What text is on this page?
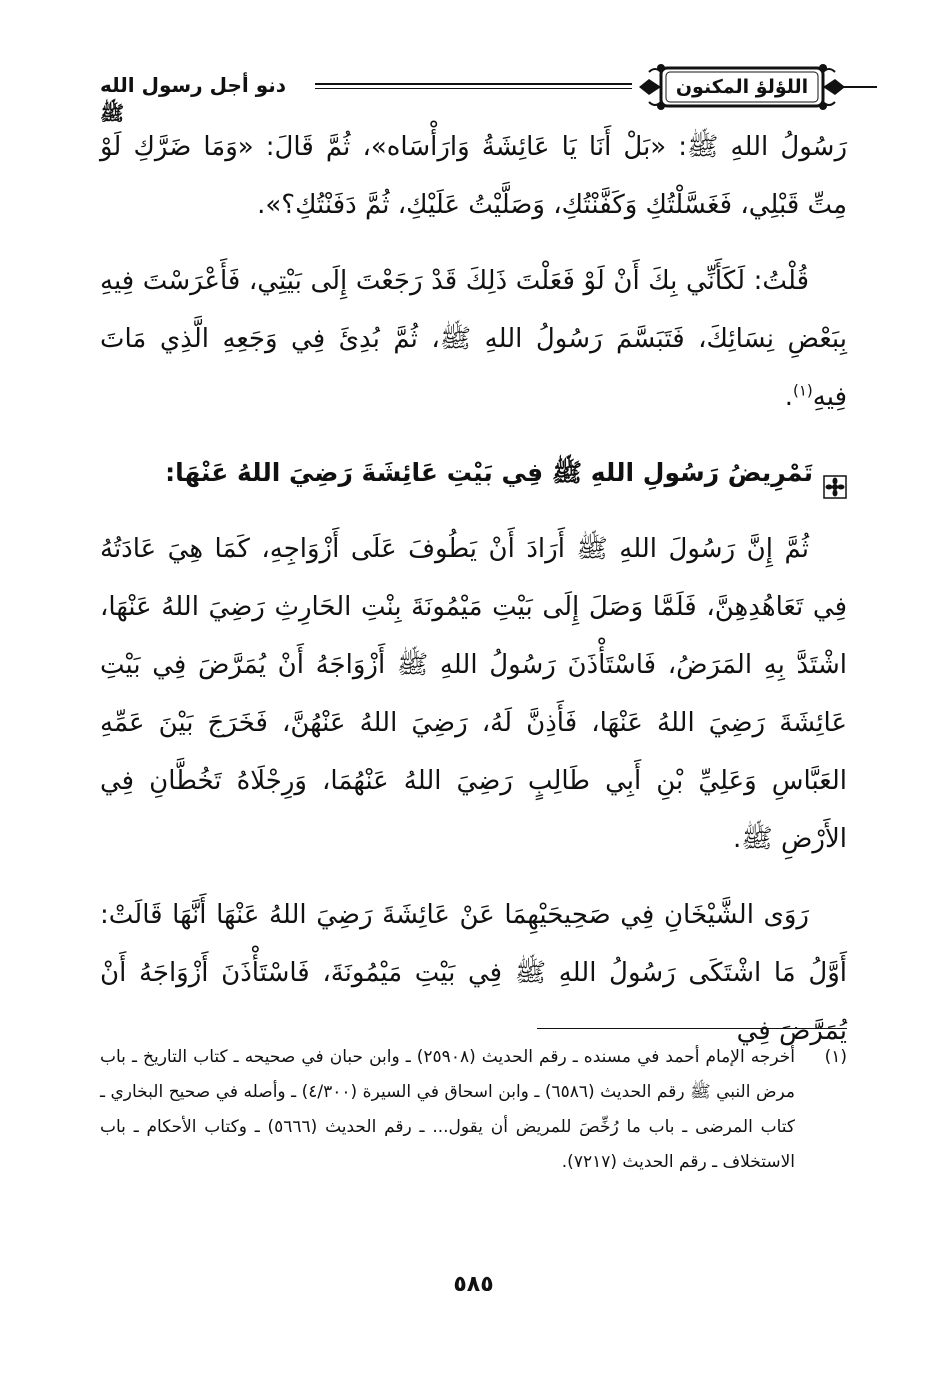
اللؤلؤ المكنون
دنو أجل رسول الله ﷺ

رَسُولُ اللهِ ﷺ: «بَلْ أَنَا يَا عَائِشَةُ وَارَأْسَاه»، ثُمَّ قَالَ: «وَمَا ضَرَّكِ لَوْ مِتِّ قَبْلِي، فَغَسَّلْتُكِ وَكَفَّنْتُكِ، وَصَلَّيْتُ عَلَيْكِ، ثُمَّ دَفَنْتُكِ؟».

قُلْتُ: لَكَأَنِّي بِكَ أَنْ لَوْ فَعَلْتَ ذَلِكَ قَدْ رَجَعْتَ إِلَى بَيْتِي، فَأَعْرَسْتَ فِيهِ بِبَعْضِ نِسَائِكَ، فَتَبَسَّمَ رَسُولُ اللهِ ﷺ، ثُمَّ بُدِئَ فِي وَجَعِهِ الَّذِي مَاتَ فِيهِ$^{(١)}$.

تَمْرِيضُ رَسُولِ اللهِ ﷺ فِي بَيْتِ عَائِشَةَ رَضِيَ اللهُ عَنْهَا:

ثُمَّ إِنَّ رَسُولَ اللهِ ﷺ أَرَادَ أَنْ يَطُوفَ عَلَى أَزْوَاجِهِ، كَمَا هِيَ عَادَتُهُ فِي تَعَاهُدِهِنَّ، فَلَمَّا وَصَلَ إِلَى بَيْتِ مَيْمُونَةَ بِنْتِ الحَارِثِ رَضِيَ اللهُ عَنْهَا، اشْتَدَّ بِهِ المَرَضُ، فَاسْتَأْذَنَ رَسُولُ اللهِ ﷺ أَزْوَاجَهُ أَنْ يُمَرَّضَ فِي بَيْتِ عَائِشَةَ رَضِيَ اللهُ عَنْهَا، فَأَذِنَّ لَهُ، رَضِيَ اللهُ عَنْهُنَّ، فَخَرَجَ بَيْنَ عَمِّهِ العَبَّاسِ وَعَلِيِّ بْنِ أَبِي طَالِبٍ رَضِيَ اللهُ عَنْهُمَا، وَرِجْلَاهُ تَخُطَّانِ فِي الأَرْضِ ﷺ.

رَوَى الشَّيْخَانِ فِي صَحِيحَيْهِمَا عَنْ عَائِشَةَ رَضِيَ اللهُ عَنْهَا أَنَّهَا قَالَتْ: أَوَّلُ مَا اشْتَكَى رَسُولُ اللهِ ﷺ فِي بَيْتِ مَيْمُونَةَ، فَاسْتَأْذَنَ أَزْوَاجَهُ أَنْ يُمَرَّضَ فِي

(١)
أخرجه الإمام أحمد في مسنده ـ رقم الحديث (٢٥٩٠٨) ـ وابن حبان في صحيحه ـ كتاب التاريخ ـ باب مرض النبي ﷺ رقم الحديث (٦٥٨٦) ـ وابن اسحاق في السيرة (٤/٣٠٠) ـ وأصله في صحيح البخاري ـ كتاب المرضى ـ باب ما رُخِّصَ للمريض أن يقول... ـ رقم الحديث (٥٦٦٦) ـ وكتاب الأحكام ـ باب الاستخلاف ـ رقم الحديث (٧٢١٧).
٥٨٥
